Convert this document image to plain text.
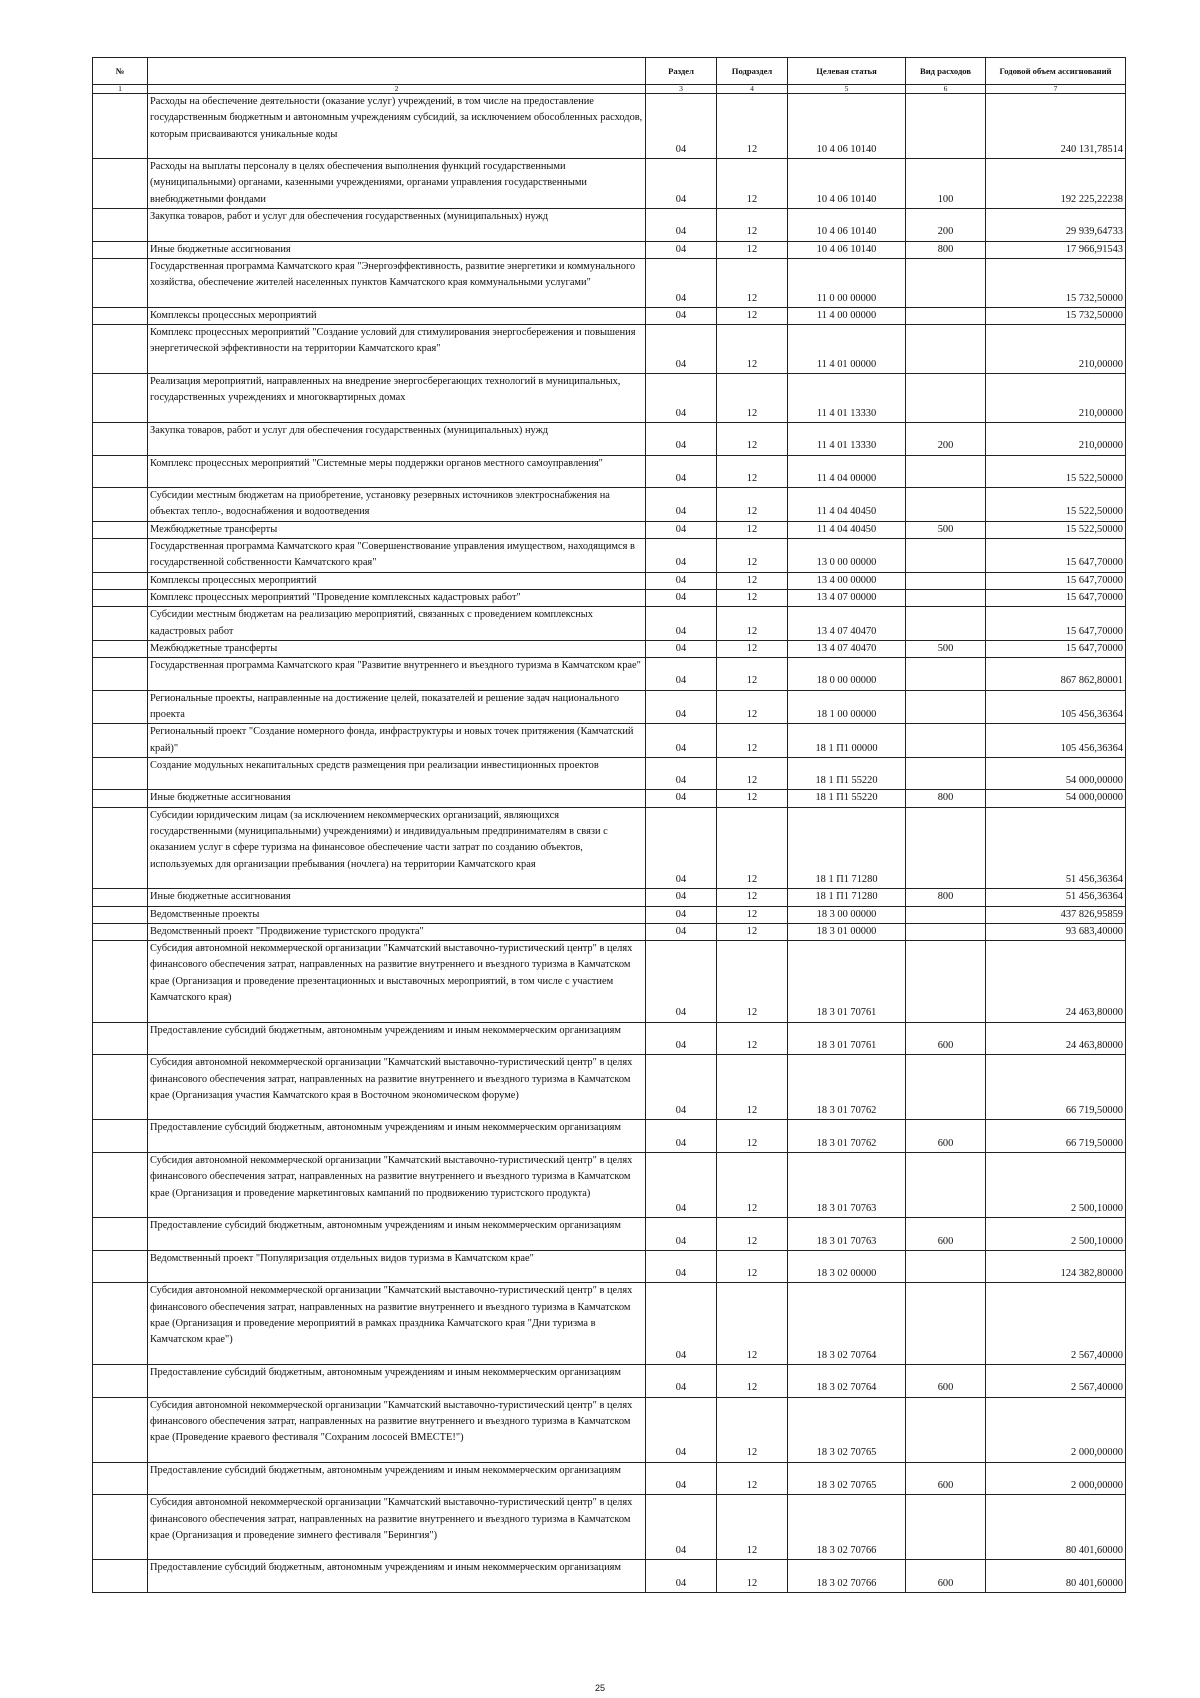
№		Раздел	Подраздел	Целевая статья	Вид расходов	Годовой объем ассигнований
1	2	3	4	5	6	7
	Расходы на обеспечение деятельности (оказание услуг) учреждений, в том числе на предоставление государственным бюджетным и автономным учреждениям субсидий, за исключением обособленных расходов, которым присваиваются уникальные коды	04	12	10 4 06 10140		240 131,78514
	Расходы на выплаты персоналу в целях обеспечения выполнения функций государственными (муниципальными) органами, казенными учреждениями, органами управления государственными внебюджетными фондами	04	12	10 4 06 10140	100	192 225,22238
	Закупка товаров, работ и услуг для обеспечения государственных (муниципальных) нужд	04	12	10 4 06 10140	200	29 939,64733
	Иные бюджетные ассигнования	04	12	10 4 06 10140	800	17 966,91543
	Государственная программа Камчатского края "Энергоэффективность, развитие энергетики и коммунального хозяйства, обеспечение жителей населенных пунктов Камчатского края коммунальными услугами"	04	12	11 0 00 00000		15 732,50000
	Комплексы процессных мероприятий	04	12	11 4 00 00000		15 732,50000
	Комплекс процессных мероприятий "Создание условий для стимулирования энергосбережения и повышения энергетической эффективности на территории Камчатского края"	04	12	11 4 01 00000		210,00000
	Реализация мероприятий, направленных на внедрение энергосберегающих технологий в муниципальных, государственных учреждениях и многоквартирных домах	04	12	11 4 01 13330		210,00000
	Закупка товаров, работ и услуг для обеспечения государственных (муниципальных) нужд	04	12	11 4 01 13330	200	210,00000
	Комплекс процессных мероприятий "Системные меры поддержки органов местного самоуправления"	04	12	11 4 04 00000		15 522,50000
	Субсидии местным бюджетам на приобретение, установку резервных источников электроснабжения на объектах тепло-, водоснабжения и водоотведения	04	12	11 4 04 40450		15 522,50000
	Межбюджетные трансферты	04	12	11 4 04 40450	500	15 522,50000
	Государственная программа Камчатского края "Совершенствование управления имуществом, находящимся в государственной собственности Камчатского края"	04	12	13 0 00 00000		15 647,70000
	Комплексы процессных мероприятий	04	12	13 4 00 00000		15 647,70000
	Комплекс процессных мероприятий "Проведение комплексных кадастровых работ"	04	12	13 4 07 00000		15 647,70000
	Субсидии местным бюджетам на реализацию мероприятий, связанных с проведением комплексных кадастровых работ	04	12	13 4 07 40470		15 647,70000
	Межбюджетные трансферты	04	12	13 4 07 40470	500	15 647,70000
	Государственная программа Камчатского края "Развитие внутреннего и въездного туризма в Камчатском крае"	04	12	18 0 00 00000		867 862,80001
	Региональные проекты, направленные на достижение целей, показателей и решение задач национального проекта	04	12	18 1 00 00000		105 456,36364
	Региональный проект "Создание номерного фонда, инфраструктуры и новых точек притяжения (Камчатский край)"	04	12	18 1 П1 00000		105 456,36364
	Создание модульных некапитальных средств размещения при реализации инвестиционных проектов	04	12	18 1 П1 55220		54 000,00000
	Иные бюджетные ассигнования	04	12	18 1 П1 55220	800	54 000,00000
	Субсидии юридическим лицам (за исключением некоммерческих организаций, являющихся государственными (муниципальными) учреждениями) и индивидуальным предпринимателям в связи с оказанием услуг в сфере туризма на финансовое обеспечение части затрат по созданию объектов, используемых для организации пребывания (ночлега) на территории Камчатского края	04	12	18 1 П1 71280		51 456,36364
	Иные бюджетные ассигнования	04	12	18 1 П1 71280	800	51 456,36364
	Ведомственные проекты	04	12	18 3 00 00000		437 826,95859
	Ведомственный проект "Продвижение туристского продукта"	04	12	18 3 01 00000		93 683,40000
	Субсидия автономной некоммерческой организации "Камчатский выставочно-туристический центр" в целях финансового обеспечения затрат, направленных на развитие внутреннего и въездного туризма в Камчатском крае (Организация и проведение презентационных и выставочных мероприятий, в том числе с участием Камчатского края)	04	12	18 3 01 70761		24 463,80000
	Предоставление субсидий бюджетным, автономным учреждениям и иным некоммерческим организациям	04	12	18 3 01 70761	600	24 463,80000
	Субсидия автономной некоммерческой организации "Камчатский выставочно-туристический центр" в целях финансового обеспечения затрат, направленных на развитие внутреннего и въездного туризма в Камчатском крае (Организация участия Камчатского края в Восточном экономическом форуме)	04	12	18 3 01 70762		66 719,50000
	Предоставление субсидий бюджетным, автономным учреждениям и иным некоммерческим организациям	04	12	18 3 01 70762	600	66 719,50000
	Субсидия автономной некоммерческой организации "Камчатский выставочно-туристический центр" в целях финансового обеспечения затрат, направленных на развитие внутреннего и въездного туризма в Камчатском крае (Организация и проведение маркетинговых кампаний по продвижению туристского продукта)	04	12	18 3 01 70763		2 500,10000
	Предоставление субсидий бюджетным, автономным учреждениям и иным некоммерческим организациям	04	12	18 3 01 70763	600	2 500,10000
	Ведомственный проект "Популяризация отдельных видов туризма в Камчатском крае"	04	12	18 3 02 00000		124 382,80000
	Субсидия автономной некоммерческой организации "Камчатский выставочно-туристический центр" в целях финансового обеспечения затрат, направленных на развитие внутреннего и въездного туризма в Камчатском крае (Организация и проведение мероприятий в рамках праздника Камчатского края "Дни туризма в Камчатском крае")	04	12	18 3 02 70764		2 567,40000
	Предоставление субсидий бюджетным, автономным учреждениям и иным некоммерческим организациям	04	12	18 3 02 70764	600	2 567,40000
	Субсидия автономной некоммерческой организации "Камчатский выставочно-туристический центр" в целях финансового обеспечения затрат, направленных на развитие внутреннего и въездного туризма в Камчатском крае (Проведение краевого фестиваля "Сохраним лососей ВМЕСТЕ!")	04	12	18 3 02 70765		2 000,00000
	Предоставление субсидий бюджетным, автономным учреждениям и иным некоммерческим организациям	04	12	18 3 02 70765	600	2 000,00000
	Субсидия автономной некоммерческой организации "Камчатский выставочно-туристический центр" в целях финансового обеспечения затрат, направленных на развитие внутреннего и въездного туризма в Камчатском крае (Организация и проведение зимнего фестиваля "Берингия")	04	12	18 3 02 70766		80 401,60000
	Предоставление субсидий бюджетным, автономным учреждениям и иным некоммерческим организациям	04	12	18 3 02 70766	600	80 401,60000
25
